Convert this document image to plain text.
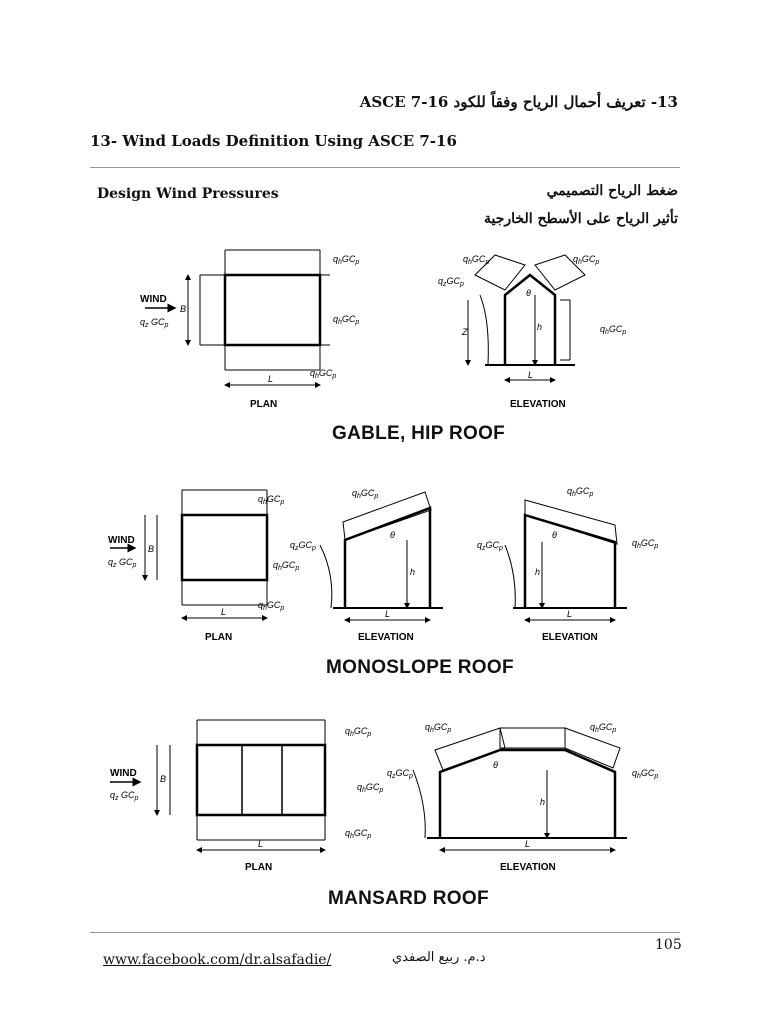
13- تعريف أحمال الرياح وفقاً للكود ASCE 7-16
13- Wind Loads Definition Using ASCE 7-16
Design Wind Pressures	ضغط الرياح التصميمي
تأثير الرياح على الأسطح الخارجية
WIND
$q_z$ $GC_p$
B
L
$q_hGC_p$
$q_hGC_p$
$q_hGC_p$
PLAN
$q_zGC_p$
$q_hGC_p$	$q_hGC_p$
$q_hGC_p$
θ
Z	h
L
ELEVATION
GABLE, HIP ROOF
WIND
$q_z$ $GC_p$
B
L
$q_hGC_p$
$q_hGC_p$
$q_hGC_p$
PLAN
$q_zGC_p$
$q_hGC_p$
θ
h
L
ELEVATION
$q_zGC_p$
$q_hGC_p$
$q_hGC_p$
θ
h
L
ELEVATION
MONOSLOPE ROOF
WIND
$q_z$ $GC_p$
B
L
$q_hGC_p$
$q_hGC_p$
$q_hGC_p$
PLAN
$q_hGC_p$	$q_hGC_p$
$q_zGC_p$	$q_hGC_p$
θ
h
L
ELEVATION
MANSARD ROOF
105
www.facebook.com/dr.alsafadie/	د.م. ربيع الصفدي
